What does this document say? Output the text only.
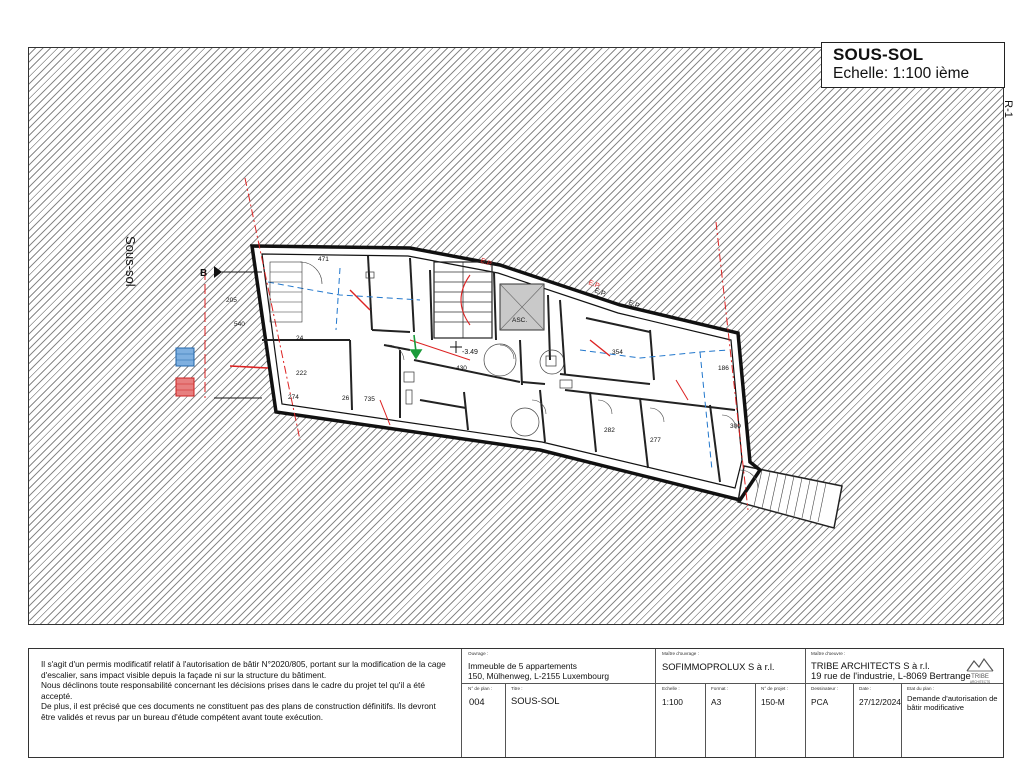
471
274	26 735
222
24
430
354
282
277
186
300
540
205
ASC.
-3.49
E.P.
E.P.
E.P.
E.P.
Sous-sol	B
SOUS-SOL
Echelle: 1:100 ième
R-1

Il s'agit d'un permis modificatif relatif à l'autorisation de bâtir N°2020/805, portant sur la modification de la cage d'escalier, sans impact visible depuis la façade ni sur la structure du bâtiment.

Nous déclinons toute responsabilité concernant les décisions prises dans le cadre du projet tel qu'il a été accepté.

De plus, il est précisé que ces documents ne constituent pas des plans de construction définitifs. Ils devront être validés et revus par un bureau d'étude compétent avant toute exécution.

Ouvrage :
Immeuble de 5 appartements
150, Mülhenweg, L-2155 Luxembourg
Maître d'ouvrage :
SOFIMMOPROLUX S à r.l.
Maître d'oeuvre :
TRIBE ARCHITECTS S à r.l.
19 rue de l'industrie, L-8069 Bertrange TRIBE
ARCHITECTS
N° de plan :
004
Titre :
SOUS-SOL
Echelle :
1:100
Format :
A3
N° de projet :
150-M
Dessinateur :
PCA
Date :
27/12/2024
Etat du plan :
Demande d'autorisation de
bâtir modificative
